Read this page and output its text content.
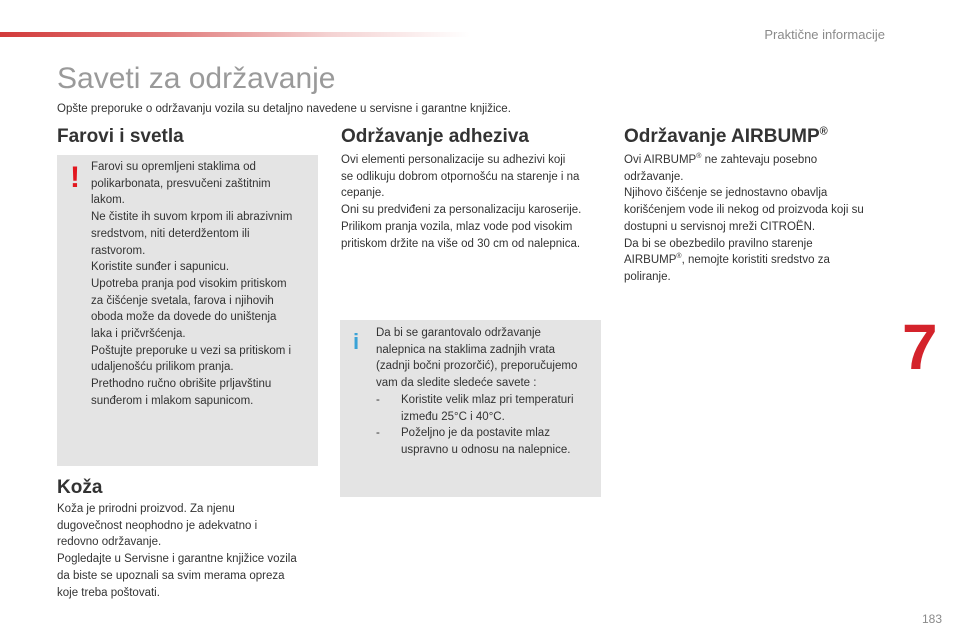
Praktične informacije
Saveti za održavanje
Opšte preporuke o održavanju vozila su detaljno navedene u servisne i garantne knjižice.
Farovi i svetla
! Farovi su opremljeni staklima od
polikarbonata, presvučeni zaštitnim
lakom.
Ne čistite ih suvom krpom ili abrazivnim
sredstvom, niti deterdžentom ili
rastvorom.
Koristite sunđer i sapunicu.
Upotreba pranja pod visokim pritiskom
za čišćenje svetala, farova i njihovih
oboda može da dovede do uništenja
laka i pričvršćenja.
Poštujte preporuke u vezi sa pritiskom i
udaljenošću prilikom pranja.
Prethodno ručno obrišite prljavštinu
sunđerom i mlakom sapunicom.
Koža
Koža je prirodni proizvod. Za njenu
dugovečnost neophodno je adekvatno i
redovno održavanje.
Pogledajte u Servisne i garantne knjižice vozila
da biste se upoznali sa svim merama opreza
koje treba poštovati.
Održavanje adheziva
Ovi elementi personalizacije su adhezivi koji
se odlikuju dobrom otpornošću na starenje i na
cepanje.
Oni su predviđeni za personalizaciju karoserije.
Prilikom pranja vozila, mlaz vode pod visokim
pritiskom držite na više od 30 cm od nalepnica.
i	Da bi se garantovalo održavanje
nalepnica na staklima zadnjih vrata
(zadnji bočni prozorčić), preporučujemo
vam da sledite sledeće savete :
-	Koristite velik mlaz pri temperaturi
između 25°C i 40°C.
-	Poželjno je da postavite mlaz
uspravno u odnosu na nalepnice.
Održavanje AIRBUMP®
Ovi AIRBUMP® ne zahtevaju posebno
održavanje.
Njihovo čišćenje se jednostavno obavlja
korišćenjem vode ili nekog od proizvoda koji su
dostupni u servisnoj mreži CITROËN.
Da bi se obezbedilo pravilno starenje
AIRBUMP®, nemojte koristiti sredstvo za
poliranje.
7
183
